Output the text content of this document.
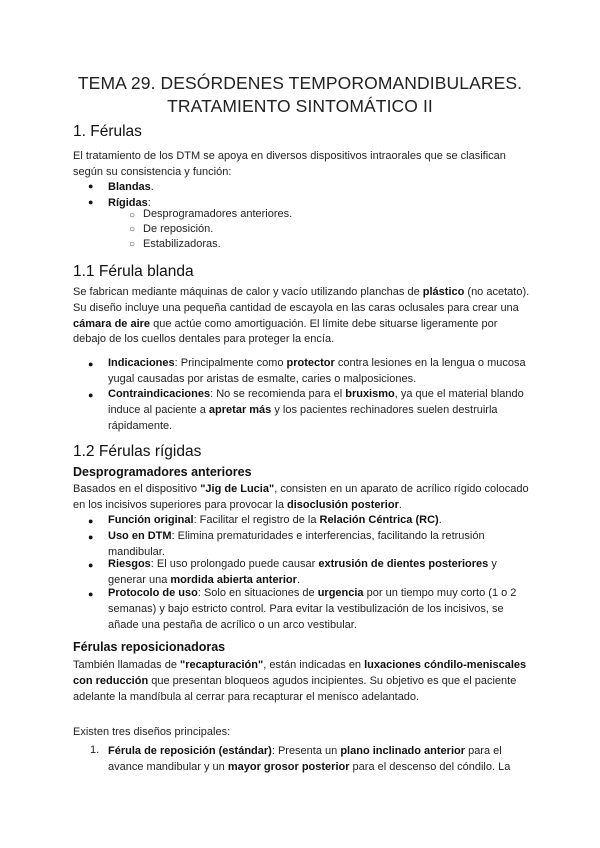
TEMA 29. DESÓRDENES TEMPOROMANDIBULARES.
TRATAMIENTO SINTOMÁTICO II
1. Férulas
El tratamiento de los DTM se apoya en diversos dispositivos intraorales que se clasifican según su consistencia y función:
● Blandas.
● Rígidas:
○ Desprogramadores anteriores.
○ De reposición.
○ Estabilizadoras.
1.1 Férula blanda
Se fabrican mediante máquinas de calor y vacío utilizando planchas de plástico (no acetato). Su diseño incluye una pequeña cantidad de escayola en las caras oclusales para crear una cámara de aire que actúe como amortiguación. El límite debe situarse ligeramente por debajo de los cuellos dentales para proteger la encía.
● Indicaciones: Principalmente como protector contra lesiones en la lengua o mucosa yugal causadas por aristas de esmalte, caries o malposiciones.
● Contraindicaciones: No se recomienda para el bruxismo, ya que el material blando induce al paciente a apretar más y los pacientes rechinadores suelen destruirla rápidamente.
1.2 Férulas rígidas
Desprogramadores anteriores
Basados en el dispositivo "Jig de Lucia", consisten en un aparato de acrílico rígido colocado en los incisivos superiores para provocar la disoclusión posterior.
● Función original: Facilitar el registro de la Relación Céntrica (RC).
● Uso en DTM: Elimina prematuridades e interferencias, facilitando la retrusión mandibular.
● Riesgos: El uso prolongado puede causar extrusión de dientes posteriores y generar una mordida abierta anterior.
● Protocolo de uso: Solo en situaciones de urgencia por un tiempo muy corto (1 o 2 semanas) y bajo estricto control. Para evitar la vestibulización de los incisivos, se añade una pestaña de acrílico o un arco vestibular.
Férulas reposicionadoras
También llamadas de "recapturación", están indicadas en luxaciones cóndilo-meniscales con reducción que presentan bloqueos agudos incipientes. Su objetivo es que el paciente adelante la mandíbula al cerrar para recapturar el menisco adelantado.
Existen tres diseños principales:
1. Férula de reposición (estándar): Presenta un plano inclinado anterior para el avance mandibular y un mayor grosor posterior para el descenso del cóndilo. La
